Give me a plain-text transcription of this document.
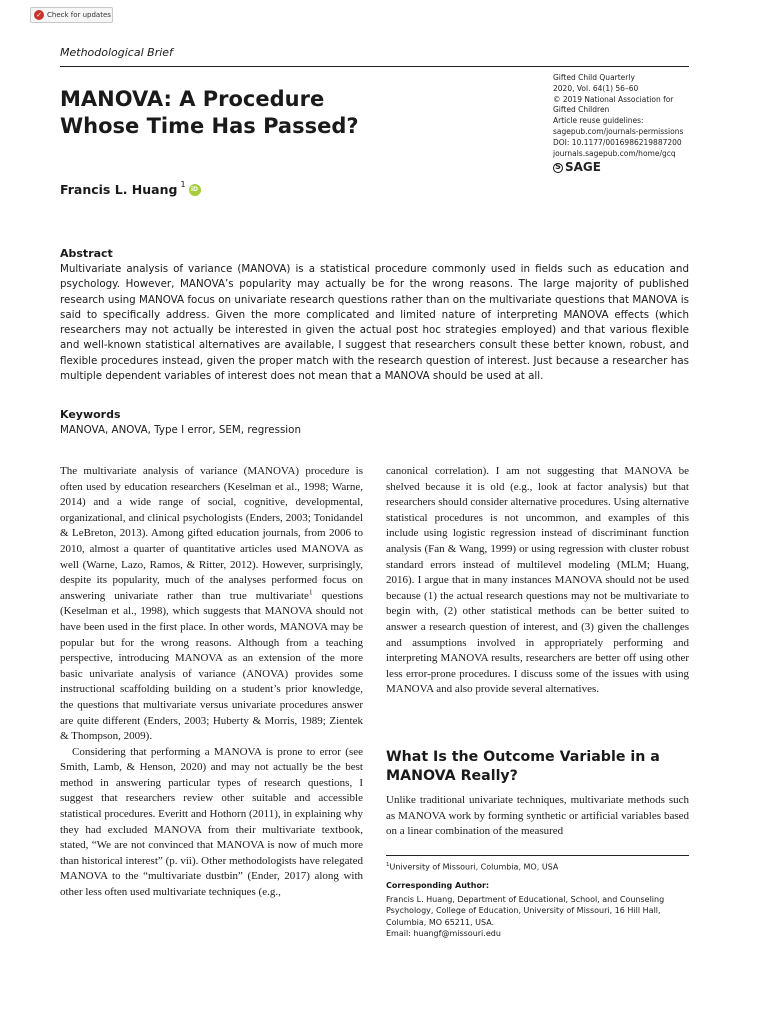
✓ Check for updates
Methodological Brief
MANOVA: A Procedure
Whose Time Has Passed?
Gifted Child Quarterly
2020, Vol. 64(1) 56–60
© 2019 National Association for
Gifted Children
Article reuse guidelines:
sagepub.com/journals-permissions
DOI: 10.1177/0016986219887200
journals.sagepub.com/home/gcq
S SAGE
Francis L. Huang $^1$
iD
Abstract

Multivariate analysis of variance (MANOVA) is a statistical procedure commonly used in fields such as education and psychology. However, MANOVA’s popularity may actually be for the wrong reasons. The large majority of published research using MANOVA focus on univariate research questions rather than on the multivariate questions that MANOVA is said to specifically address. Given the more complicated and limited nature of interpreting MANOVA effects (which researchers may not actually be interested in given the actual post hoc strategies employed) and that various flexible and well-known statistical alternatives are available, I suggest that researchers consult these better known, robust, and flexible procedures instead, given the proper match with the research question of interest. Just because a researcher has multiple dependent variables of interest does not mean that a MANOVA should be used at all.

Keywords
MANOVA, ANOVA, Type I error, SEM, regression

The multivariate analysis of variance (MANOVA) procedure is often used by education researchers (Keselman et al., 1998; Warne, 2014) and a wide range of social, cognitive, developmental, organizational, and clinical psychologists (Enders, 2003; Tonidandel & LeBreton, 2013). Among gifted education journals, from 2006 to 2010, almost a quarter of quantitative articles used MANOVA as well (Warne, Lazo, Ramos, & Ritter, 2012). However, surprisingly, despite its popularity, much of the analyses performed focus on answering univariate rather than true multivariate$^1$ questions (Keselman et al., 1998), which suggests that MANOVA should not have been used in the first place. In other words, MANOVA may be popular but for the wrong reasons. Although from a teaching perspective, introducing MANOVA as an extension of the more basic univariate analysis of variance (ANOVA) provides some instructional scaffolding building on a student’s prior knowledge, the questions that multivariate versus univariate procedures answer are quite different (Enders, 2003; Huberty & Morris, 1989; Zientek & Thompson, 2009).

Considering that performing a MANOVA is prone to error (see Smith, Lamb, & Henson, 2020) and may not actually be the best method in answering particular types of research questions, I suggest that researchers review other suitable and accessible statistical procedures. Everitt and Hothorn (2011), in explaining why they had excluded MANOVA from their multivariate textbook, stated, “We are not convinced that MANOVA is now of much more than historical interest” (p. vii). Other methodologists have relegated MANOVA to the “multivariate dustbin” (Ender, 2017) along with other less often used multivariate techniques (e.g.,

canonical correlation). I am not suggesting that MANOVA be shelved because it is old (e.g., look at factor analysis) but that researchers should consider alternative procedures. Using alternative statistical procedures is not uncommon, and examples of this include using logistic regression instead of discriminant function analysis (Fan & Wang, 1999) or using regression with cluster robust standard errors instead of multilevel modeling (MLM; Huang, 2016). I argue that in many instances MANOVA should not be used because (1) the actual research questions may not be multivariate to begin with, (2) other statistical methods can be better suited to answer a research question of interest, and (3) given the challenges and assumptions involved in appropriately performing and interpreting MANOVA results, researchers are better off using other less error-prone procedures. I discuss some of the issues with using MANOVA and also provide several alternatives.

What Is the Outcome Variable in a MANOVA Really?

Unlike traditional univariate techniques, multivariate methods such as MANOVA work by forming synthetic or artificial variables based on a linear combination of the measured

$^1$University of Missouri, Columbia, MO, USA
Corresponding Author:
Francis L. Huang, Department of Educational, School, and Counseling
Psychology, College of Education, University of Missouri, 16 Hill Hall,
Columbia, MO 65211, USA.
Email: huangf@missouri.edu
